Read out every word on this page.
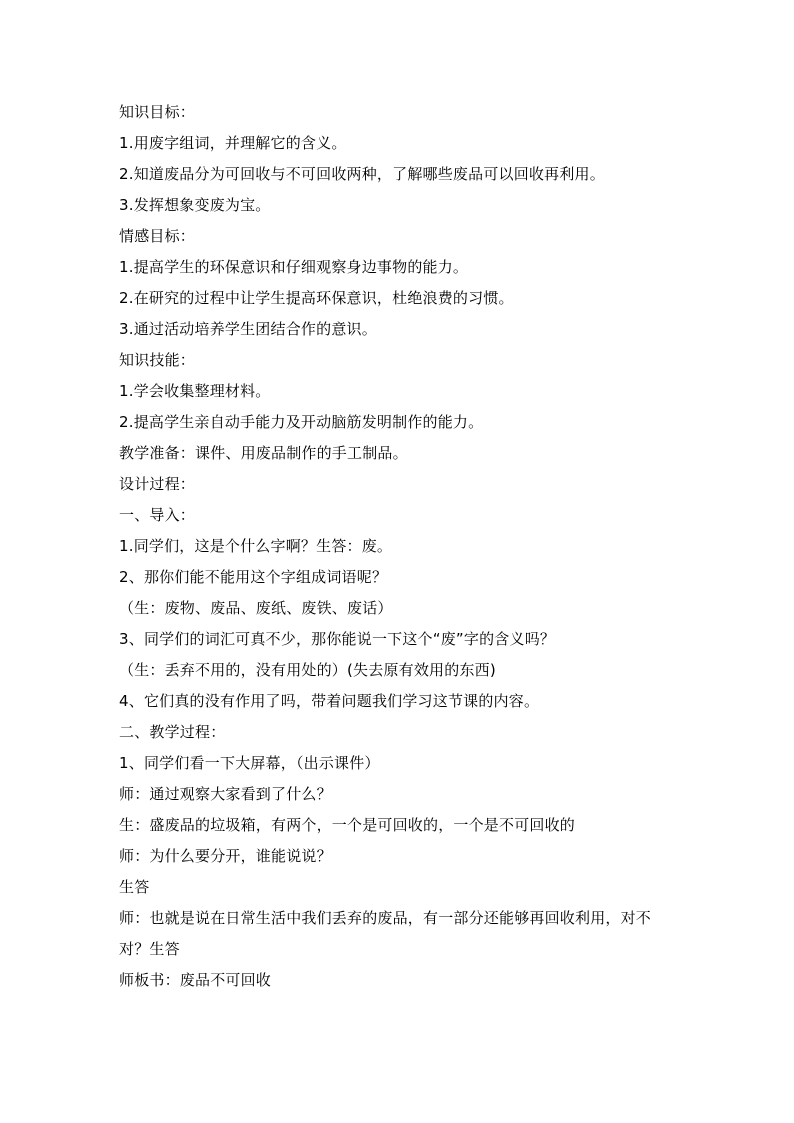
知识目标：
1.用废字组词，并理解它的含义。
2.知道废品分为可回收与不可回收两种，了解哪些废品可以回收再利用。
3.发挥想象变废为宝。
情感目标：
1.提高学生的环保意识和仔细观察身边事物的能力。
2.在研究的过程中让学生提高环保意识，杜绝浪费的习惯。
3.通过活动培养学生团结合作的意识。
知识技能：
1.学会收集整理材料。
2.提高学生亲自动手能力及开动脑筋发明制作的能力。
教学准备：课件、用废品制作的手工制品。
设计过程：
一、导入：
1.同学们，这是个什么字啊？生答：废。
2、那你们能不能用这个字组成词语呢？
（生：废物、废品、废纸、废铁、废话）
3、同学们的词汇可真不少，那你能说一下这个“废”字的含义吗？
（生：丢弃不用的，没有用处的）(失去原有效用的东西)
4、它们真的没有作用了吗，带着问题我们学习这节课的内容。
二、教学过程：
1、同学们看一下大屏幕，（出示课件）
师：通过观察大家看到了什么？
生：盛废品的垃圾箱，有两个，一个是可回收的，一个是不可回收的
师：为什么要分开，谁能说说？
生答
师：也就是说在日常生活中我们丢弃的废品，有一部分还能够再回收利用，对不
对？生答
师板书：废品不可回收
